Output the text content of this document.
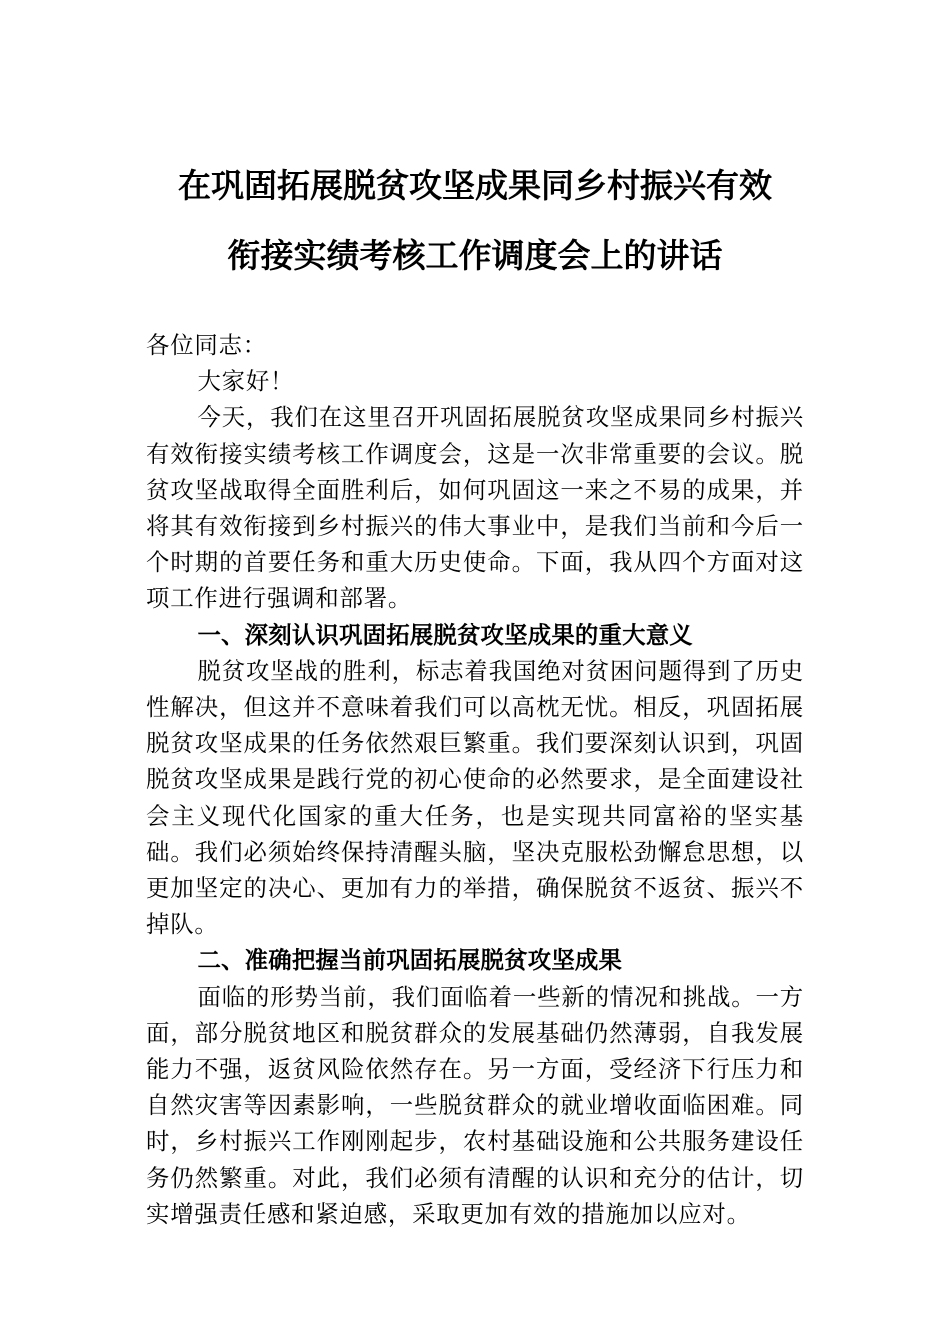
在巩固拓展脱贫攻坚成果同乡村振兴有效
衔接实绩考核工作调度会上的讲话

各位同志：

大家好！

今天，我们在这里召开巩固拓展脱贫攻坚成果同乡村振兴有效衔接实绩考核工作调度会，这是一次非常重要的会议。脱贫攻坚战取得全面胜利后，如何巩固这一来之不易的成果，并将其有效衔接到乡村振兴的伟大事业中，是我们当前和今后一个时期的首要任务和重大历史使命。下面，我从四个方面对这项工作进行强调和部署。

一、深刻认识巩固拓展脱贫攻坚成果的重大意义

脱贫攻坚战的胜利，标志着我国绝对贫困问题得到了历史性解决，但这并不意味着我们可以高枕无忧。相反，巩固拓展脱贫攻坚成果的任务依然艰巨繁重。我们要深刻认识到，巩固脱贫攻坚成果是践行党的初心使命的必然要求，是全面建设社会主义现代化国家的重大任务，也是实现共同富裕的坚实基础。我们必须始终保持清醒头脑，坚决克服松劲懈怠思想，以更加坚定的决心、更加有力的举措，确保脱贫不返贫、振兴不掉队。

二、准确把握当前巩固拓展脱贫攻坚成果

面临的形势当前，我们面临着一些新的情况和挑战。一方面，部分脱贫地区和脱贫群众的发展基础仍然薄弱，自我发展能力不强，返贫风险依然存在。另一方面，受经济下行压力和自然灾害等因素影响，一些脱贫群众的就业增收面临困难。同时，乡村振兴工作刚刚起步，农村基础设施和公共服务建设任务仍然繁重。对此，我们必须有清醒的认识和充分的估计，切实增强责任感和紧迫感，采取更加有效的措施加以应对。
